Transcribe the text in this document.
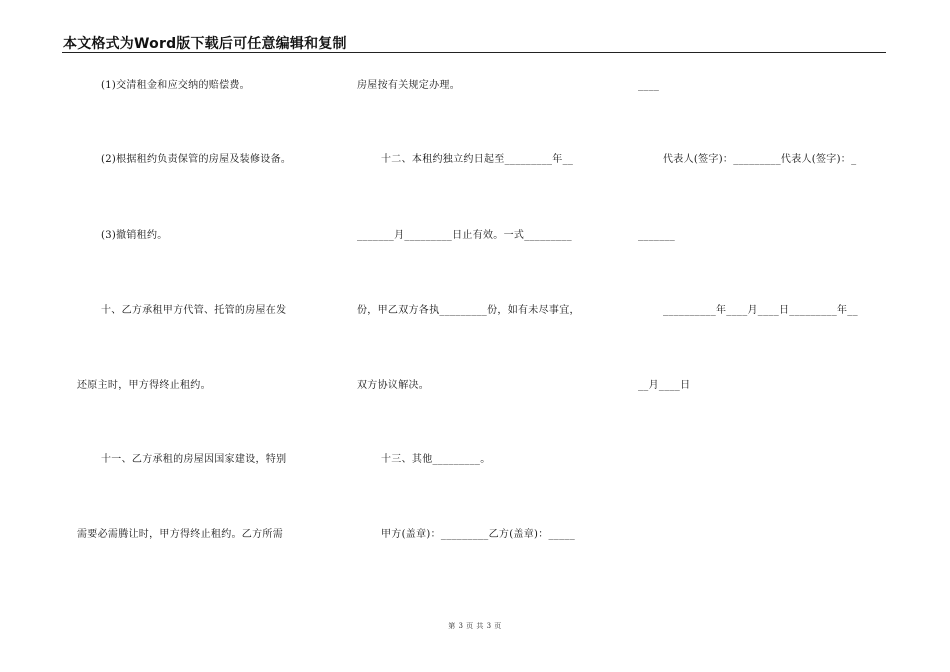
本文格式为Word版下载后可任意编辑和复制
(1)交清租金和应交纳的赔偿费。
(2)根据租约负责保管的房屋及装修设备。
(3)撤销租约。
十、乙方承租甲方代管、托管的房屋在发
还原主时，甲方得终止租约。
十一、乙方承租的房屋因国家建设，特别
需要必需腾让时，甲方得终止租约。乙方所需
房屋按有关规定办理。
十二、本租约独立约日起至_________年__
_______月_________日止有效。一式_________
份，甲乙双方各执_________份，如有未尽事宜，
双方协议解决。
十三、其他_________。
甲方(盖章)：_________乙方(盖章)：_____
____
代表人(签字)：_________代表人(签字)：_
_______
__________年____月____日_________年__
__月____日
第 3 页 共 3 页
